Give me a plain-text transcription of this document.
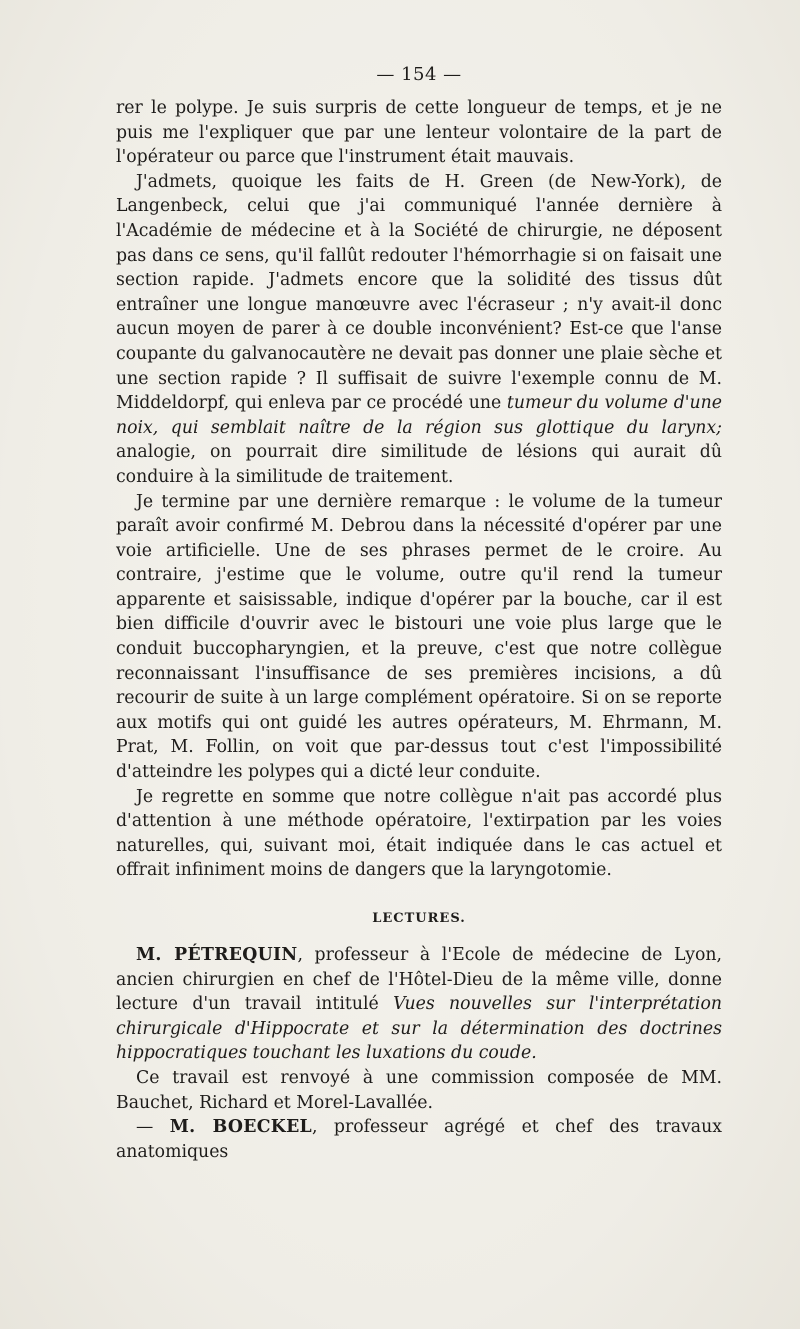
— 154 —

rer le polype. Je suis surpris de cette longueur de temps, et je ne puis me l'expliquer que par une lenteur volontaire de la part de l'opérateur ou parce que l'instrument était mauvais.

J'admets, quoique les faits de H. Green (de New-York), de Langenbeck, celui que j'ai communiqué l'année dernière à l'Académie de médecine et à la Société de chirurgie, ne déposent pas dans ce sens, qu'il fallût redouter l'hémorrhagie si on faisait une section rapide. J'admets encore que la solidité des tissus dût entraîner une longue manœuvre avec l'écraseur ; n'y avait-il donc aucun moyen de parer à ce double inconvénient? Est-ce que l'anse coupante du galvanocautère ne devait pas donner une plaie sèche et une section rapide ? Il suffisait de suivre l'exemple connu de M. Middeldorpf, qui enleva par ce procédé une tumeur du volume d'une noix, qui semblait naître de la région sus glottique du larynx; analogie, on pourrait dire similitude de lésions qui aurait dû conduire à la similitude de traitement.

Je termine par une dernière remarque : le volume de la tumeur paraît avoir confirmé M. Debrou dans la nécessité d'opérer par une voie artificielle. Une de ses phrases permet de le croire. Au contraire, j'estime que le volume, outre qu'il rend la tumeur apparente et saisissable, indique d'opérer par la bouche, car il est bien difficile d'ouvrir avec le bistouri une voie plus large que le conduit buccopharyngien, et la preuve, c'est que notre collègue reconnaissant l'insuffisance de ses premières incisions, a dû recourir de suite à un large complément opératoire. Si on se reporte aux motifs qui ont guidé les autres opérateurs, M. Ehrmann, M. Prat, M. Follin, on voit que par-dessus tout c'est l'impossibilité d'atteindre les polypes qui a dicté leur conduite.

Je regrette en somme que notre collègue n'ait pas accordé plus d'attention à une méthode opératoire, l'extirpation par les voies naturelles, qui, suivant moi, était indiquée dans le cas actuel et offrait infiniment moins de dangers que la laryngotomie.

LECTURES.

M. PÉTREQUIN, professeur à l'Ecole de médecine de Lyon, ancien chirurgien en chef de l'Hôtel-Dieu de la même ville, donne lecture d'un travail intitulé Vues nouvelles sur l'interprétation chirurgicale d'Hippocrate et sur la détermination des doctrines hippocratiques touchant les luxations du coude.

Ce travail est renvoyé à une commission composée de MM. Bauchet, Richard et Morel-Lavallée.

— M. BOECKEL, professeur agrégé et chef des travaux anatomiques
